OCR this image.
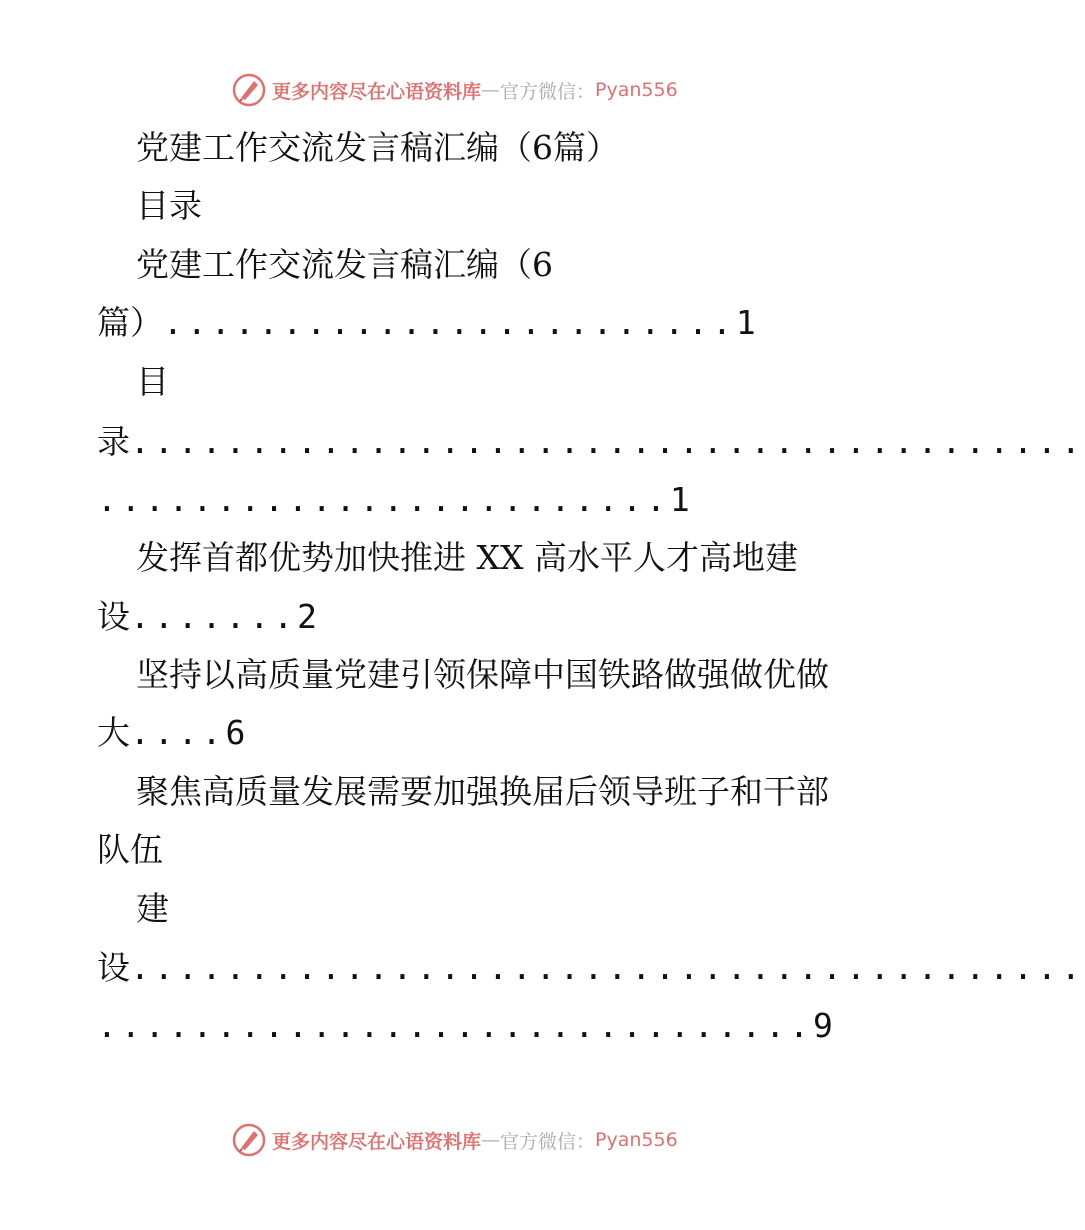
更多内容尽在心语资料库 — 官方微信： Pyan556
党建工作交流发言稿汇编（6篇）
目录
党建工作交流发言稿汇编（6
篇）........................1
目
录........................................
........................1
发挥首都优势加快推进 XX 高水平人才高地建
设.......2
坚持以高质量党建引领保障中国铁路做强做优做
大....6
聚焦高质量发展需要加强换届后领导班子和干部
队伍
建
设........................................
..............................9
更多内容尽在心语资料库 — 官方微信： Pyan556
